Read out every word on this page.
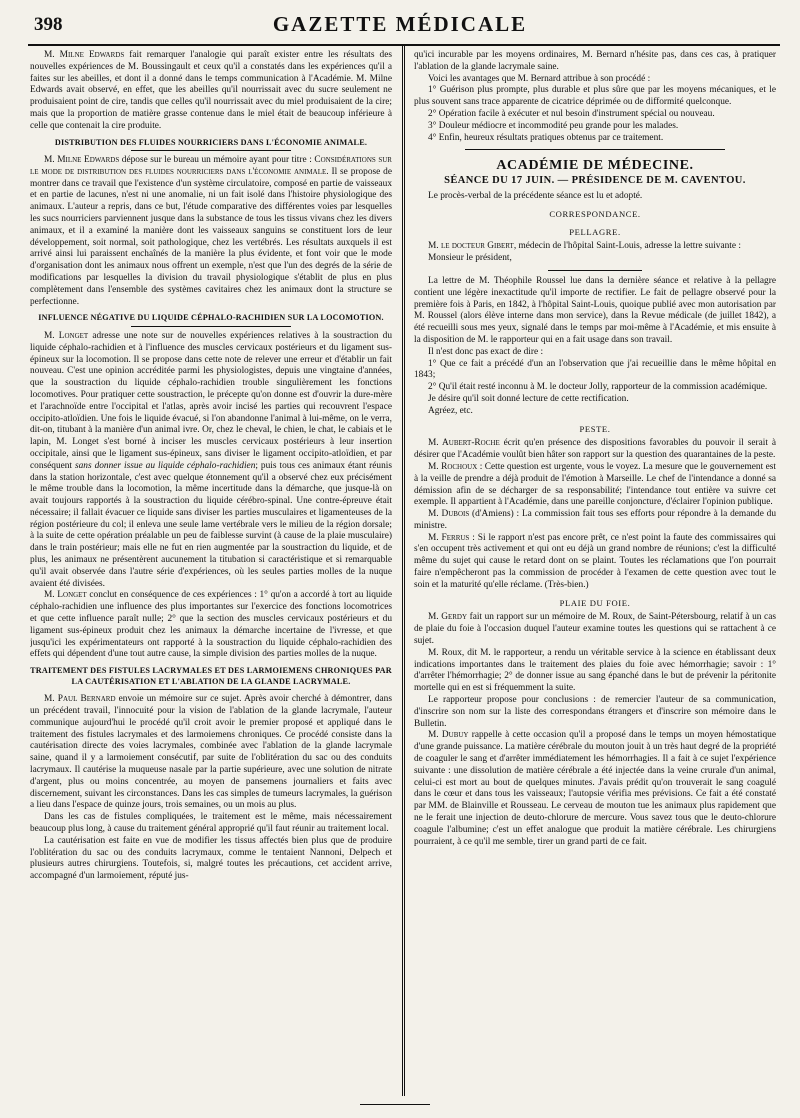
398	GAZETTE MÉDICALE

M. Milne Edwards fait remarquer l'analogie qui paraît exister entre les résultats des nouvelles expériences de M. Boussingault et ceux qu'il a constatés dans les expériences qu'il a faites sur les abeilles, et dont il a donné dans le temps communication à l'Académie. M. Milne Edwards avait observé, en effet, que les abeilles qu'il nourrissait avec du sucre seulement ne produisaient point de cire, tandis que celles qu'il nourrissait avec du miel produisaient de la cire; mais que la proportion de matière grasse contenue dans le miel était de beaucoup inférieure à celle que contenait la cire produite.

DISTRIBUTION DES FLUIDES NOURRICIERS DANS L'ÉCONOMIE ANIMALE.

M. Milne Edwards dépose sur le bureau un mémoire ayant pour titre : Considérations sur le mode de distribution des fluides nourriciers dans l'économie animale. Il se propose de montrer dans ce travail que l'existence d'un système circulatoire, composé en partie de vaisseaux et en partie de lacunes, n'est ni une anomalie, ni un fait isolé dans l'histoire physiologique des animaux. L'auteur a repris, dans ce but, l'étude comparative des différentes voies par lesquelles les sucs nourriciers parviennent jusque dans la substance de tous les tissus vivans chez les divers animaux, et il a examiné la manière dont les vaisseaux sanguins se constituent lors de leur développement, soit normal, soit pathologique, chez les vertébrés. Les résultats auxquels il est arrivé ainsi lui paraissent enchaînés de la manière la plus évidente, et font voir que le mode d'organisation dont les animaux nous offrent un exemple, n'est que l'un des degrés de la série de modifications par lesquelles la division du travail physiologique s'établit de plus en plus complètement dans l'ensemble des systèmes cavitaires chez les animaux dont la structure se perfectionne.

INFLUENCE NÉGATIVE DU LIQUIDE CÉPHALO-RACHIDIEN SUR LA LOCOMOTION.

M. Longet adresse une note sur de nouvelles expériences relatives à la soustraction du liquide céphalo-rachidien et à l'influence des muscles cervicaux postérieurs et du ligament sus-épineux sur la locomotion. Il se propose dans cette note de relever une erreur et d'établir un fait nouveau. C'est une opinion accréditée parmi les physiologistes, depuis une vingtaine d'années, que la soustraction du liquide céphalo-rachidien trouble singulièrement les fonctions locomotives. Pour pratiquer cette soustraction, le précepte qu'on donne est d'ouvrir la dure-mère et l'arachnoïde entre l'occipital et l'atlas, après avoir incisé les parties qui recouvrent l'espace occipito-atloïdien. Une fois le liquide évacué, si l'on abandonne l'animal à lui-même, on le verra, dit-on, titubant à la manière d'un animal ivre. Or, chez le cheval, le chien, le chat, le cabiais et le lapin, M. Longet s'est borné à inciser les muscles cervicaux postérieurs à leur insertion occipitale, ainsi que le ligament sus-épineux, sans diviser le ligament occipito-atloïdien, et par conséquent sans donner issue au liquide céphalo-rachidien; puis tous ces animaux étant réunis dans la station horizontale, c'est avec quelque étonnement qu'il a observé chez eux précisément le même trouble dans la locomotion, la même incertitude dans la démarche, que jusque-là on avait toujours rapportés à la soustraction du liquide cérébro-spinal. Une contre-épreuve était nécessaire; il fallait évacuer ce liquide sans diviser les parties musculaires et ligamenteuses de la région postérieure du col; il enleva une seule lame vertébrale vers le milieu de la région dorsale; à la suite de cette opération préalable un peu de faiblesse survint (à cause de la plaie musculaire) dans le train postérieur; mais elle ne fut en rien augmentée par la soustraction du liquide, et de plus, les animaux ne présentèrent aucunement la titubation si caractéristique et si remarquable qu'il avait observée dans l'autre série d'expériences, où les seules parties molles de la nuque avaient été divisées.

M. Longet conclut en conséquence de ces expériences : 1° qu'on a accordé à tort au liquide céphalo-rachidien une influence des plus importantes sur l'exercice des fonctions locomotrices et que cette influence paraît nulle; 2° que la section des muscles cervicaux postérieurs et du ligament sus-épineux produit chez les animaux la démarche incertaine de l'ivresse, et que jusqu'ici les expérimentateurs ont rapporté à la soustraction du liquide céphalo-rachidien des effets qui dépendent d'une tout autre cause, la simple division des parties molles de la nuque.

TRAITEMENT DES FISTULES LACRYMALES ET DES LARMOIEMENS CHRONIQUES PAR
LA CAUTÉRISATION ET L'ABLATION DE LA GLANDE LACRYMALE.

M. Paul Bernard envoie un mémoire sur ce sujet. Après avoir cherché à démontrer, dans un précédent travail, l'innocuité pour la vision de l'ablation de la glande lacrymale, l'auteur communique aujourd'hui le procédé qu'il croit avoir le premier proposé et appliqué dans le traitement des fistules lacrymales et des larmoiemens chroniques. Ce procédé consiste dans la cautérisation directe des voies lacrymales, combinée avec l'ablation de la glande lacrymale saine, quand il y a larmoiement consécutif, par suite de l'oblitération du sac ou des conduits lacrymaux. Il cautérise la muqueuse nasale par la partie supérieure, avec une solution de nitrate d'argent, plus ou moins concentrée, au moyen de pansemens journaliers et faits avec discernement, suivant les circonstances. Dans les cas simples de tumeurs lacrymales, la guérison a lieu dans l'espace de quinze jours, trois semaines, ou un mois au plus.

Dans les cas de fistules compliquées, le traitement est le même, mais nécessairement beaucoup plus long, à cause du traitement général approprié qu'il faut réunir au traitement local.

La cautérisation est faite en vue de modifier les tissus affectés bien plus que de produire l'oblitération du sac ou des conduits lacrymaux, comme le tentaient Nannoni, Delpech et plusieurs autres chirurgiens. Toutefois, si, malgré toutes les précautions, cet accident arrive, accompagné d'un larmoiement, réputé jus-

qu'ici incurable par les moyens ordinaires, M. Bernard n'hésite pas, dans ces cas, à pratiquer l'ablation de la glande lacrymale saine.

Voici les avantages que M. Bernard attribue à son procédé :

1° Guérison plus prompte, plus durable et plus sûre que par les moyens mécaniques, et le plus souvent sans trace apparente de cicatrice déprimée ou de difformité quelconque.

2° Opération facile à exécuter et nul besoin d'instrument spécial ou nouveau.

3° Douleur médiocre et incommodité peu grande pour les malades.

4° Enfin, heureux résultats pratiques obtenus par ce traitement.

ACADÉMIE DE MÉDECINE.
SÉANCE DU 17 JUIN. — PRÉSIDENCE DE M. CAVENTOU.

Le procès-verbal de la précédente séance est lu et adopté.

CORRESPONDANCE.
PELLAGRE.

M. le docteur Gibert, médecin de l'hôpital Saint-Louis, adresse la lettre suivante :

Monsieur le président,

La lettre de M. Théophile Roussel lue dans la dernière séance et relative à la pellagre contient une légère inexactitude qu'il importe de rectifier. Le fait de pellagre observé pour la première fois à Paris, en 1842, à l'hôpital Saint-Louis, quoique publié avec mon autorisation par M. Roussel (alors élève interne dans mon service), dans la Revue médicale (de juillet 1842), a été recueilli sous mes yeux, signalé dans le temps par moi-même à l'Académie, et mis ensuite à la disposition de M. le rapporteur qui en a fait usage dans son travail.

Il n'est donc pas exact de dire :

1° Que ce fait a précédé d'un an l'observation que j'ai recueillie dans le même hôpital en 1843;

2° Qu'il était resté inconnu à M. le docteur Jolly, rapporteur de la commission académique.

Je désire qu'il soit donné lecture de cette rectification.

Agréez, etc.

PESTE.

M. Aubert-Roche écrit qu'en présence des dispositions favorables du pouvoir il serait à désirer que l'Académie voulût bien hâter son rapport sur la question des quarantaines de la peste.

M. Rochoux : Cette question est urgente, vous le voyez. La mesure que le gouvernement est à la veille de prendre a déjà produit de l'émotion à Marseille. Le chef de l'intendance a donné sa démission afin de se décharger de sa responsabilité; l'intendance tout entière va suivre cet exemple. Il appartient à l'Académie, dans une pareille conjoncture, d'éclairer l'opinion publique.

M. Dubois (d'Amiens) : La commission fait tous ses efforts pour répondre à la demande du ministre.

M. Ferrus : Si le rapport n'est pas encore prêt, ce n'est point la faute des commissaires qui s'en occupent très activement et qui ont eu déjà un grand nombre de réunions; c'est la difficulté même du sujet qui cause le retard dont on se plaint. Toutes les réclamations que l'on pourrait faire n'empêcheront pas la commission de procéder à l'examen de cette question avec tout le soin et la maturité qu'elle réclame. (Très-bien.)

PLAIE DU FOIE.

M. Gerdy fait un rapport sur un mémoire de M. Roux, de Saint-Pétersbourg, relatif à un cas de plaie du foie à l'occasion duquel l'auteur examine toutes les questions qui se rattachent à ce sujet.

M. Roux, dit M. le rapporteur, a rendu un véritable service à la science en établissant deux indications importantes dans le traitement des plaies du foie avec hémorrhagie; savoir : 1° d'arrêter l'hémorrhagie; 2° de donner issue au sang épanché dans le but de prévenir la péritonite mortelle qui en est si fréquemment la suite.

Le rapporteur propose pour conclusions : de remercier l'auteur de sa communication, d'inscrire son nom sur la liste des correspondans étrangers et d'inscrire son mémoire dans le Bulletin.

M. Dubuy rappelle à cette occasion qu'il a proposé dans le temps un moyen hémostatique d'une grande puissance. La matière cérébrale du mouton jouit à un très haut degré de la propriété de coaguler le sang et d'arrêter immédiatement les hémorrhagies. Il a fait à ce sujet l'expérience suivante : une dissolution de matière cérébrale a été injectée dans la veine crurale d'un animal, celui-ci est mort au bout de quelques minutes. J'avais prédit qu'on trouverait le sang coagulé dans le cœur et dans tous les vaisseaux; l'autopsie vérifia mes prévisions. Ce fait a été constaté par MM. de Blainville et Rousseau. Le cerveau de mouton tue les animaux plus rapidement que ne le ferait une injection de deuto-chlorure de mercure. Vous savez tous que le deuto-chlorure coagule l'albumine; c'est un effet analogue que produit la matière cérébrale. Les chirurgiens pourraient, à ce qu'il me semble, tirer un grand parti de ce fait.
